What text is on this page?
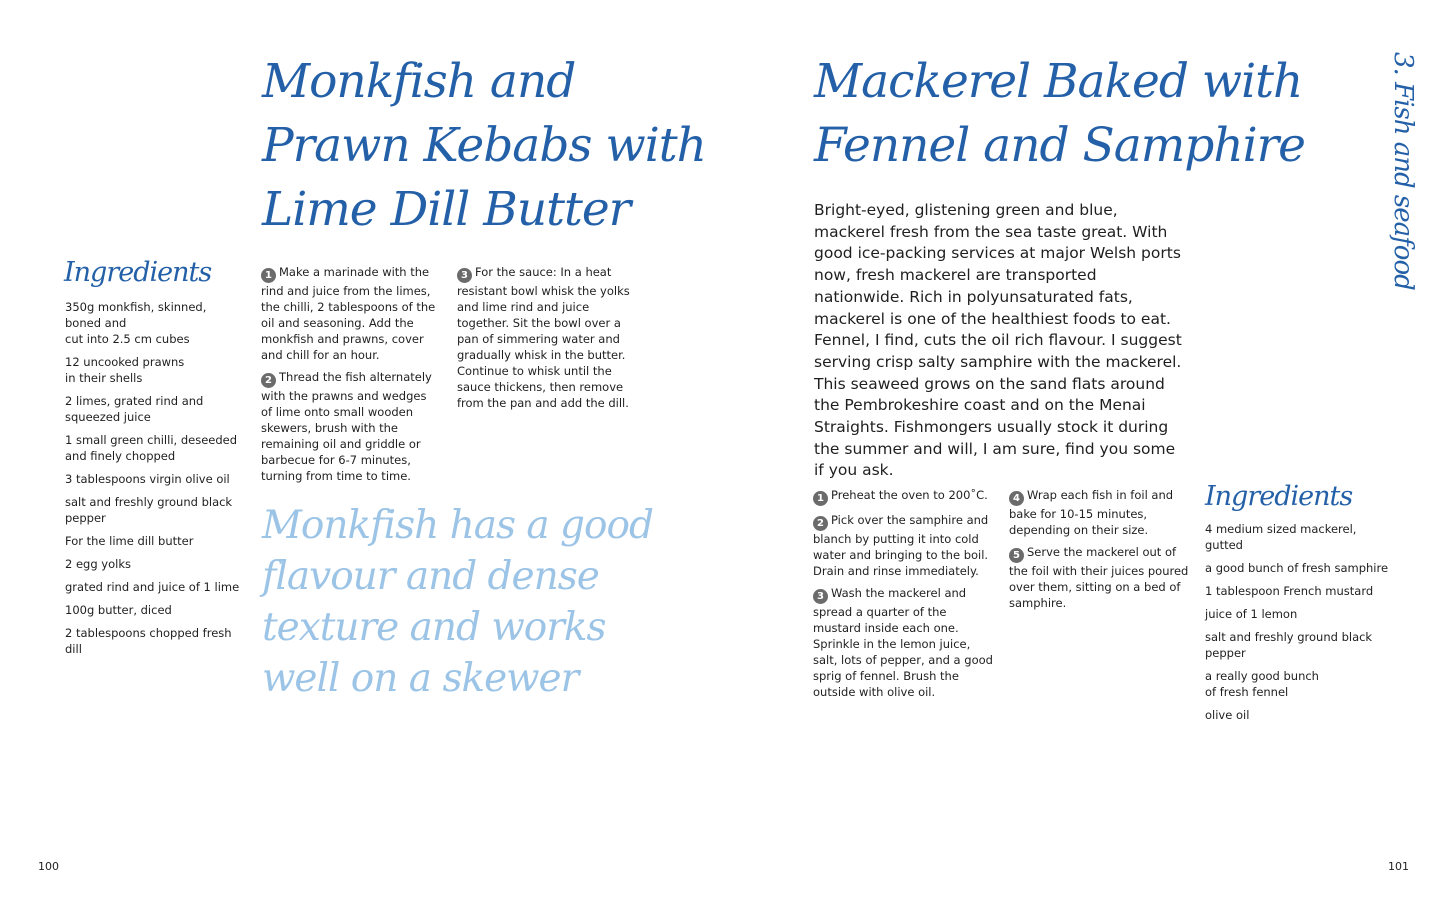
Monkfish and
Prawn Kebabs with
Lime Dill Butter
Ingredients
350g monkfish, skinned, boned and
cut into 2.5 cm cubes
12 uncooked prawns
in their shells
2 limes, grated rind and
squeezed juice
1 small green chilli, deseeded
and finely chopped
3 tablespoons virgin olive oil
salt and freshly ground black
pepper
For the lime dill butter
2 egg yolks
grated rind and juice of 1 lime
100g butter, diced
2 tablespoons chopped fresh dill
1 Make a marinade with the rind and juice from the limes, the chilli, 2 tablespoons of the oil and seasoning. Add the monkfish and prawns, cover and chill for an hour.
2 Thread the fish alternately with the prawns and wedges of lime onto small wooden skewers, brush with the remaining oil and griddle or barbecue for 6-7 minutes, turning from time to time.
3 For the sauce: In a heat resistant bowl whisk the yolks and lime rind and juice together. Sit the bowl over a pan of simmering water and gradually whisk in the butter. Continue to whisk until the sauce thickens, then remove from the pan and add the dill.
Monkfish has a good
flavour and dense
texture and works
well on a skewer
100
Mackerel Baked with
Fennel and Samphire
Bright-eyed, glistening green and blue, mackerel fresh from the sea taste great. With good ice-packing services at major Welsh ports now, fresh mackerel are transported nationwide. Rich in polyunsaturated fats, mackerel is one of the healthiest foods to eat. Fennel, I find, cuts the oil rich flavour. I suggest serving crisp salty samphire with the mackerel. This seaweed grows on the sand flats around the Pembrokeshire coast and on the Menai Straights. Fishmongers usually stock it during the summer and will, I am sure, find you some if you ask.
1 Preheat the oven to 200˚C.
2 Pick over the samphire and blanch by putting it into cold water and bringing to the boil. Drain and rinse immediately.
3 Wash the mackerel and spread a quarter of the mustard inside each one. Sprinkle in the lemon juice, salt, lots of pepper, and a good sprig of fennel. Brush the outside with olive oil.
4 Wrap each fish in foil and bake for 10-15 minutes, depending on their size.
5 Serve the mackerel out of the foil with their juices poured over them, sitting on a bed of samphire.
Ingredients
4 medium sized mackerel,
gutted
a good bunch of fresh samphire
1 tablespoon French mustard
juice of 1 lemon
salt and freshly ground black
pepper
a really good bunch
of fresh fennel
olive oil
3. Fish and seafood
101
